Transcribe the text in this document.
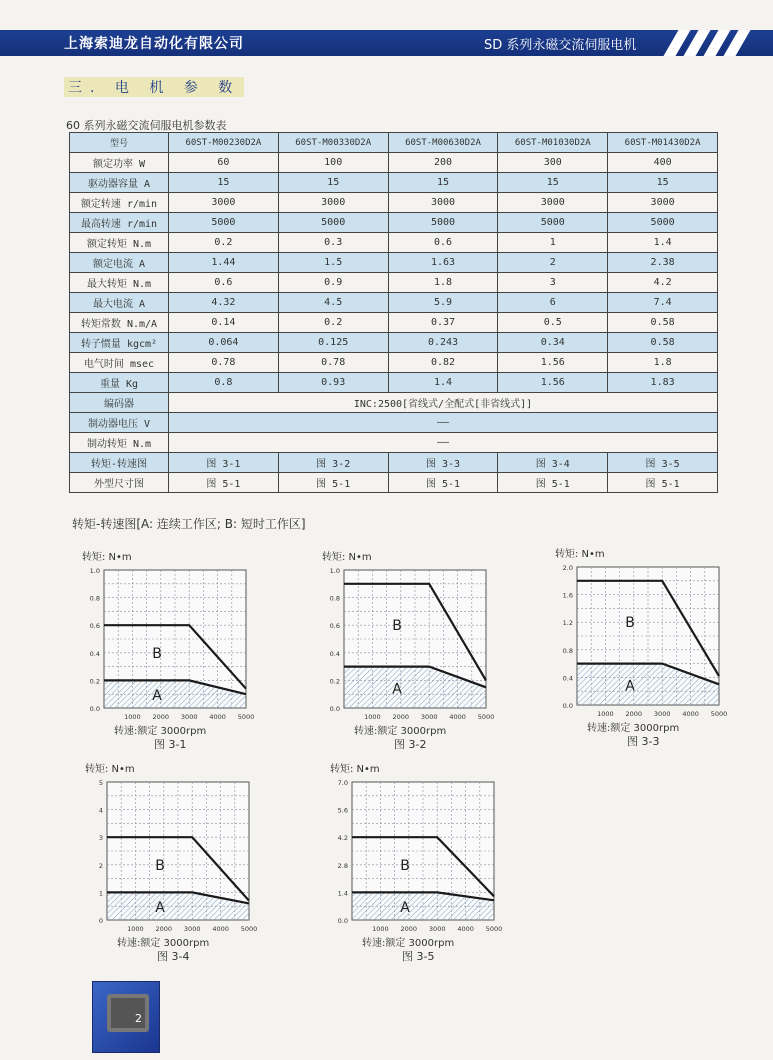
上海索迪龙自动化有限公司	SD 系列永磁交流伺服电机
三. 电 机 参 数
60 系列永磁交流伺服电机参数表
型号	60ST-M00230D2A	60ST-M00330D2A	60ST-M00630D2A	60ST-M01030D2A	60ST-M01430D2A
额定功率 W	60	100	200	300	400
驱动器容量 A	15	15	15	15	15
额定转速 r/min	3000	3000	3000	3000	3000
最高转速 r/min	5000	5000	5000	5000	5000
额定转矩 N.m	0.2	0.3	0.6	1	1.4
额定电流 A	1.44	1.5	1.63	2	2.38
最大转矩 N.m	0.6	0.9	1.8	3	4.2
最大电流 A	4.32	4.5	5.9	6	7.4
转矩常数 N.m/A	0.14	0.2	0.37	0.5	0.58
转子惯量 kgcm²	0.064	0.125	0.243	0.34	0.58
电气时间 msec	0.78	0.78	0.82	1.56	1.8
重量 Kg	0.8	0.93	1.4	1.56	1.83
编码器	INC:2500[省线式/全配式[非省线式]]				
制动器电压 V	——				
制动转矩 N.m	——				
转矩-转速图	图 3-1	图 3-2	图 3-3	图 3-4	图 3-5
外型尺寸图	图 5-1	图 5-1	图 5-1	图 5-1	图 5-1
转矩-转速图[A: 连续工作区; B: 短时工作区]
转矩: N•m
B
A
0.0
0.2
0.4
0.6
0.8
1.0
1000 2000 3000 4000 5000
转速:额定 3000rpm
图 3-1
转矩: N•m
B
A
0.0
0.2
0.4
0.6
0.8
1.0
1000 2000 3000 4000 5000
转速:额定 3000rpm
图 3-2
转矩: N•m
B
A
0.0
0.4
0.8
1.2
1.6
2.0
1000 2000 3000 4000 5000
转速:额定 3000rpm
图 3-3
转矩: N•m
B
A
0
1
2
3
4
5
1000 2000 3000 4000 5000
转速:额定 3000rpm
图 3-4
转矩: N•m
B
A
0.0
1.4
2.8
4.2
5.6
7.0
1000 2000 3000 4000 5000
转速:额定 3000rpm
图 3-5
2
